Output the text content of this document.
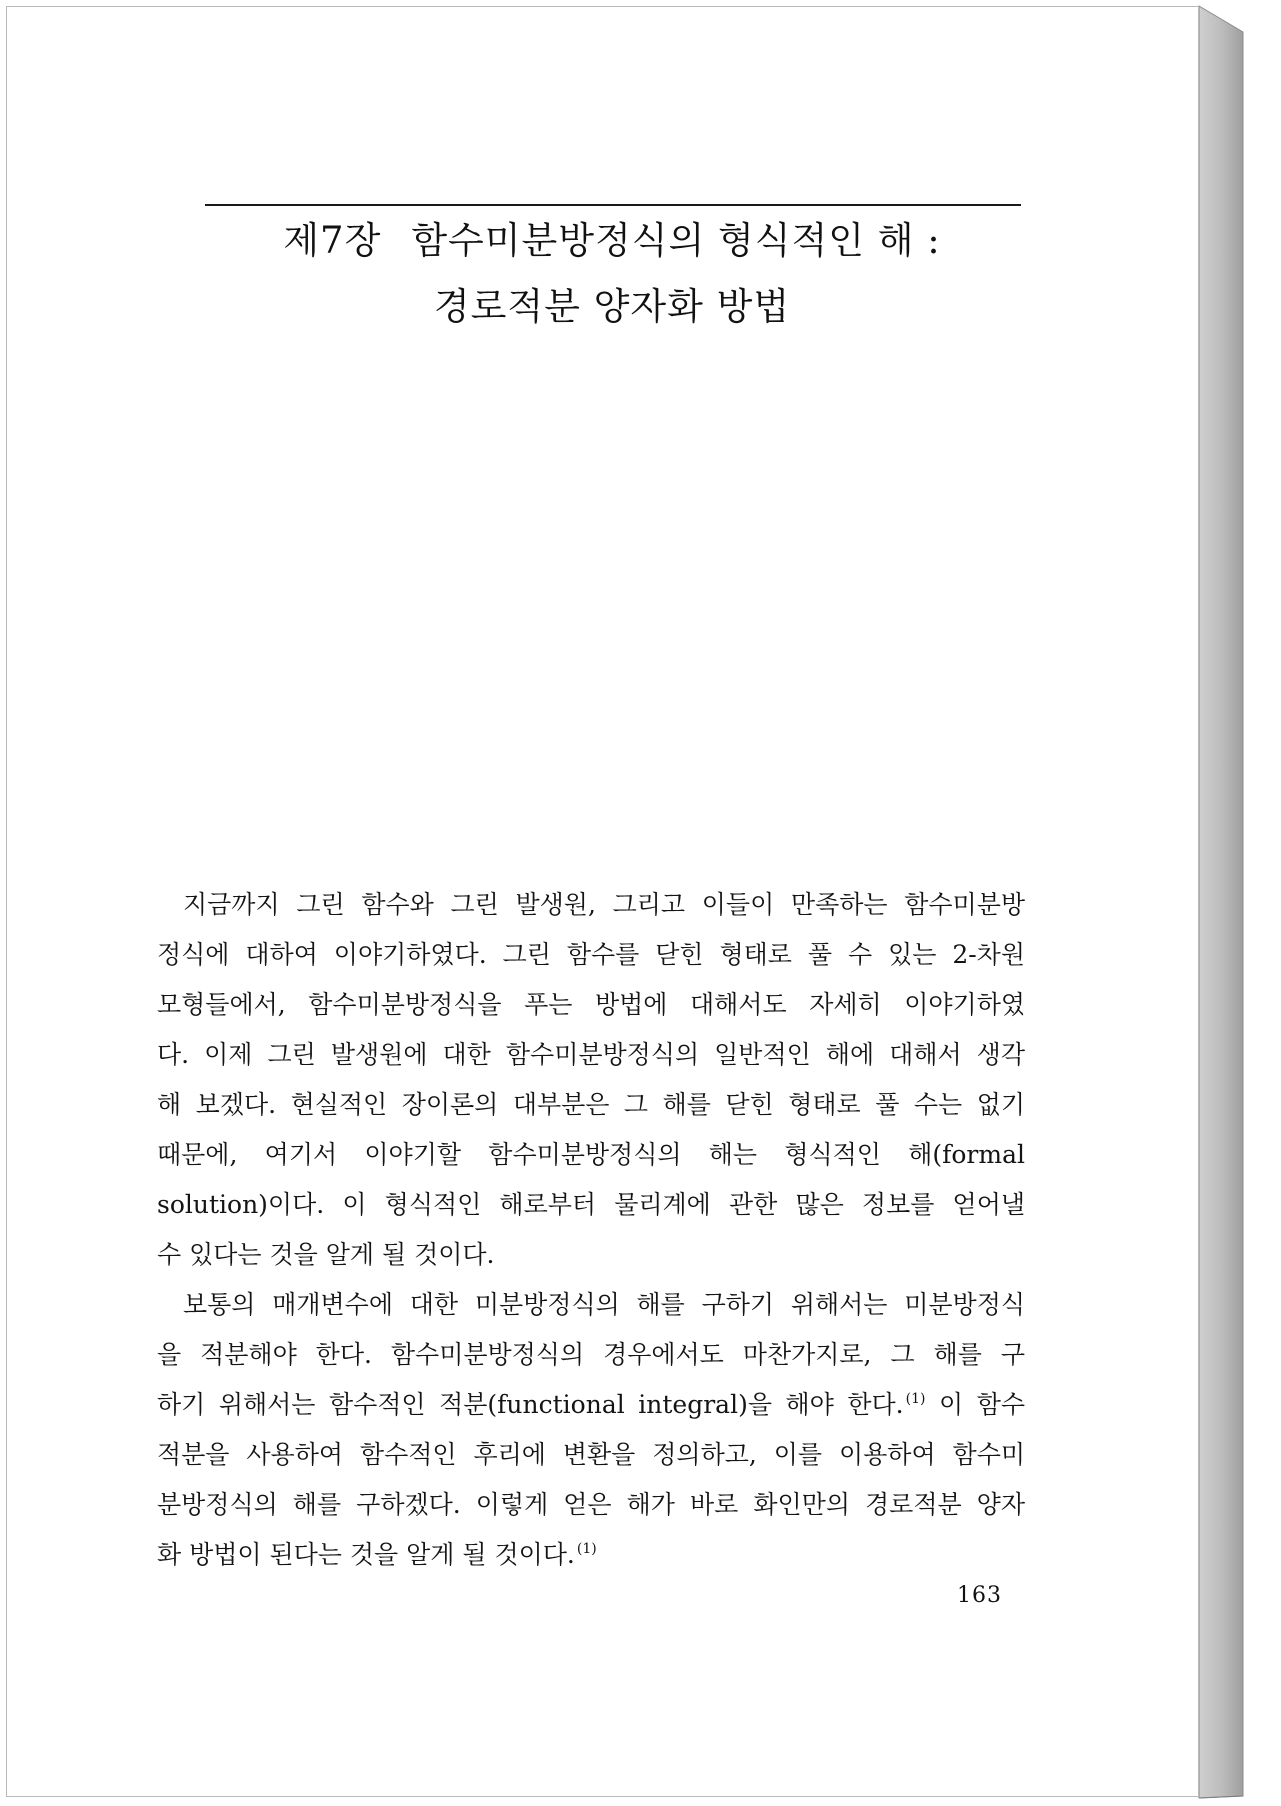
제7장 함수미분방정식의 형식적인 해 :
경로적분 양자화 방법
지금까지 그린 함수와 그린 발생원, 그리고 이들이 만족하는 함수미분방
정식에 대하여 이야기하였다. 그린 함수를 닫힌 형태로 풀 수 있는 2-차원
모형들에서, 함수미분방정식을 푸는 방법에 대해서도 자세히 이야기하였
다. 이제 그린 발생원에 대한 함수미분방정식의 일반적인 해에 대해서 생각
해 보겠다. 현실적인 장이론의 대부분은 그 해를 닫힌 형태로 풀 수는 없기
때문에, 여기서 이야기할 함수미분방정식의 해는 형식적인 해(formal
solution)이다. 이 형식적인 해로부터 물리계에 관한 많은 정보를 얻어낼
수 있다는 것을 알게 될 것이다.
보통의 매개변수에 대한 미분방정식의 해를 구하기 위해서는 미분방정식
을 적분해야 한다. 함수미분방정식의 경우에서도 마찬가지로, 그 해를 구
하기 위해서는 함수적인 적분(functional integral)을 해야 한다. $^{(1)}$ 이 함수
적분을 사용하여 함수적인 후리에 변환을 정의하고, 이를 이용하여 함수미
분방정식의 해를 구하겠다. 이렇게 얻은 해가 바로 화인만의 경로적분 양자
화 방법이 된다는 것을 알게 될 것이다. $^{(1)}$
163
